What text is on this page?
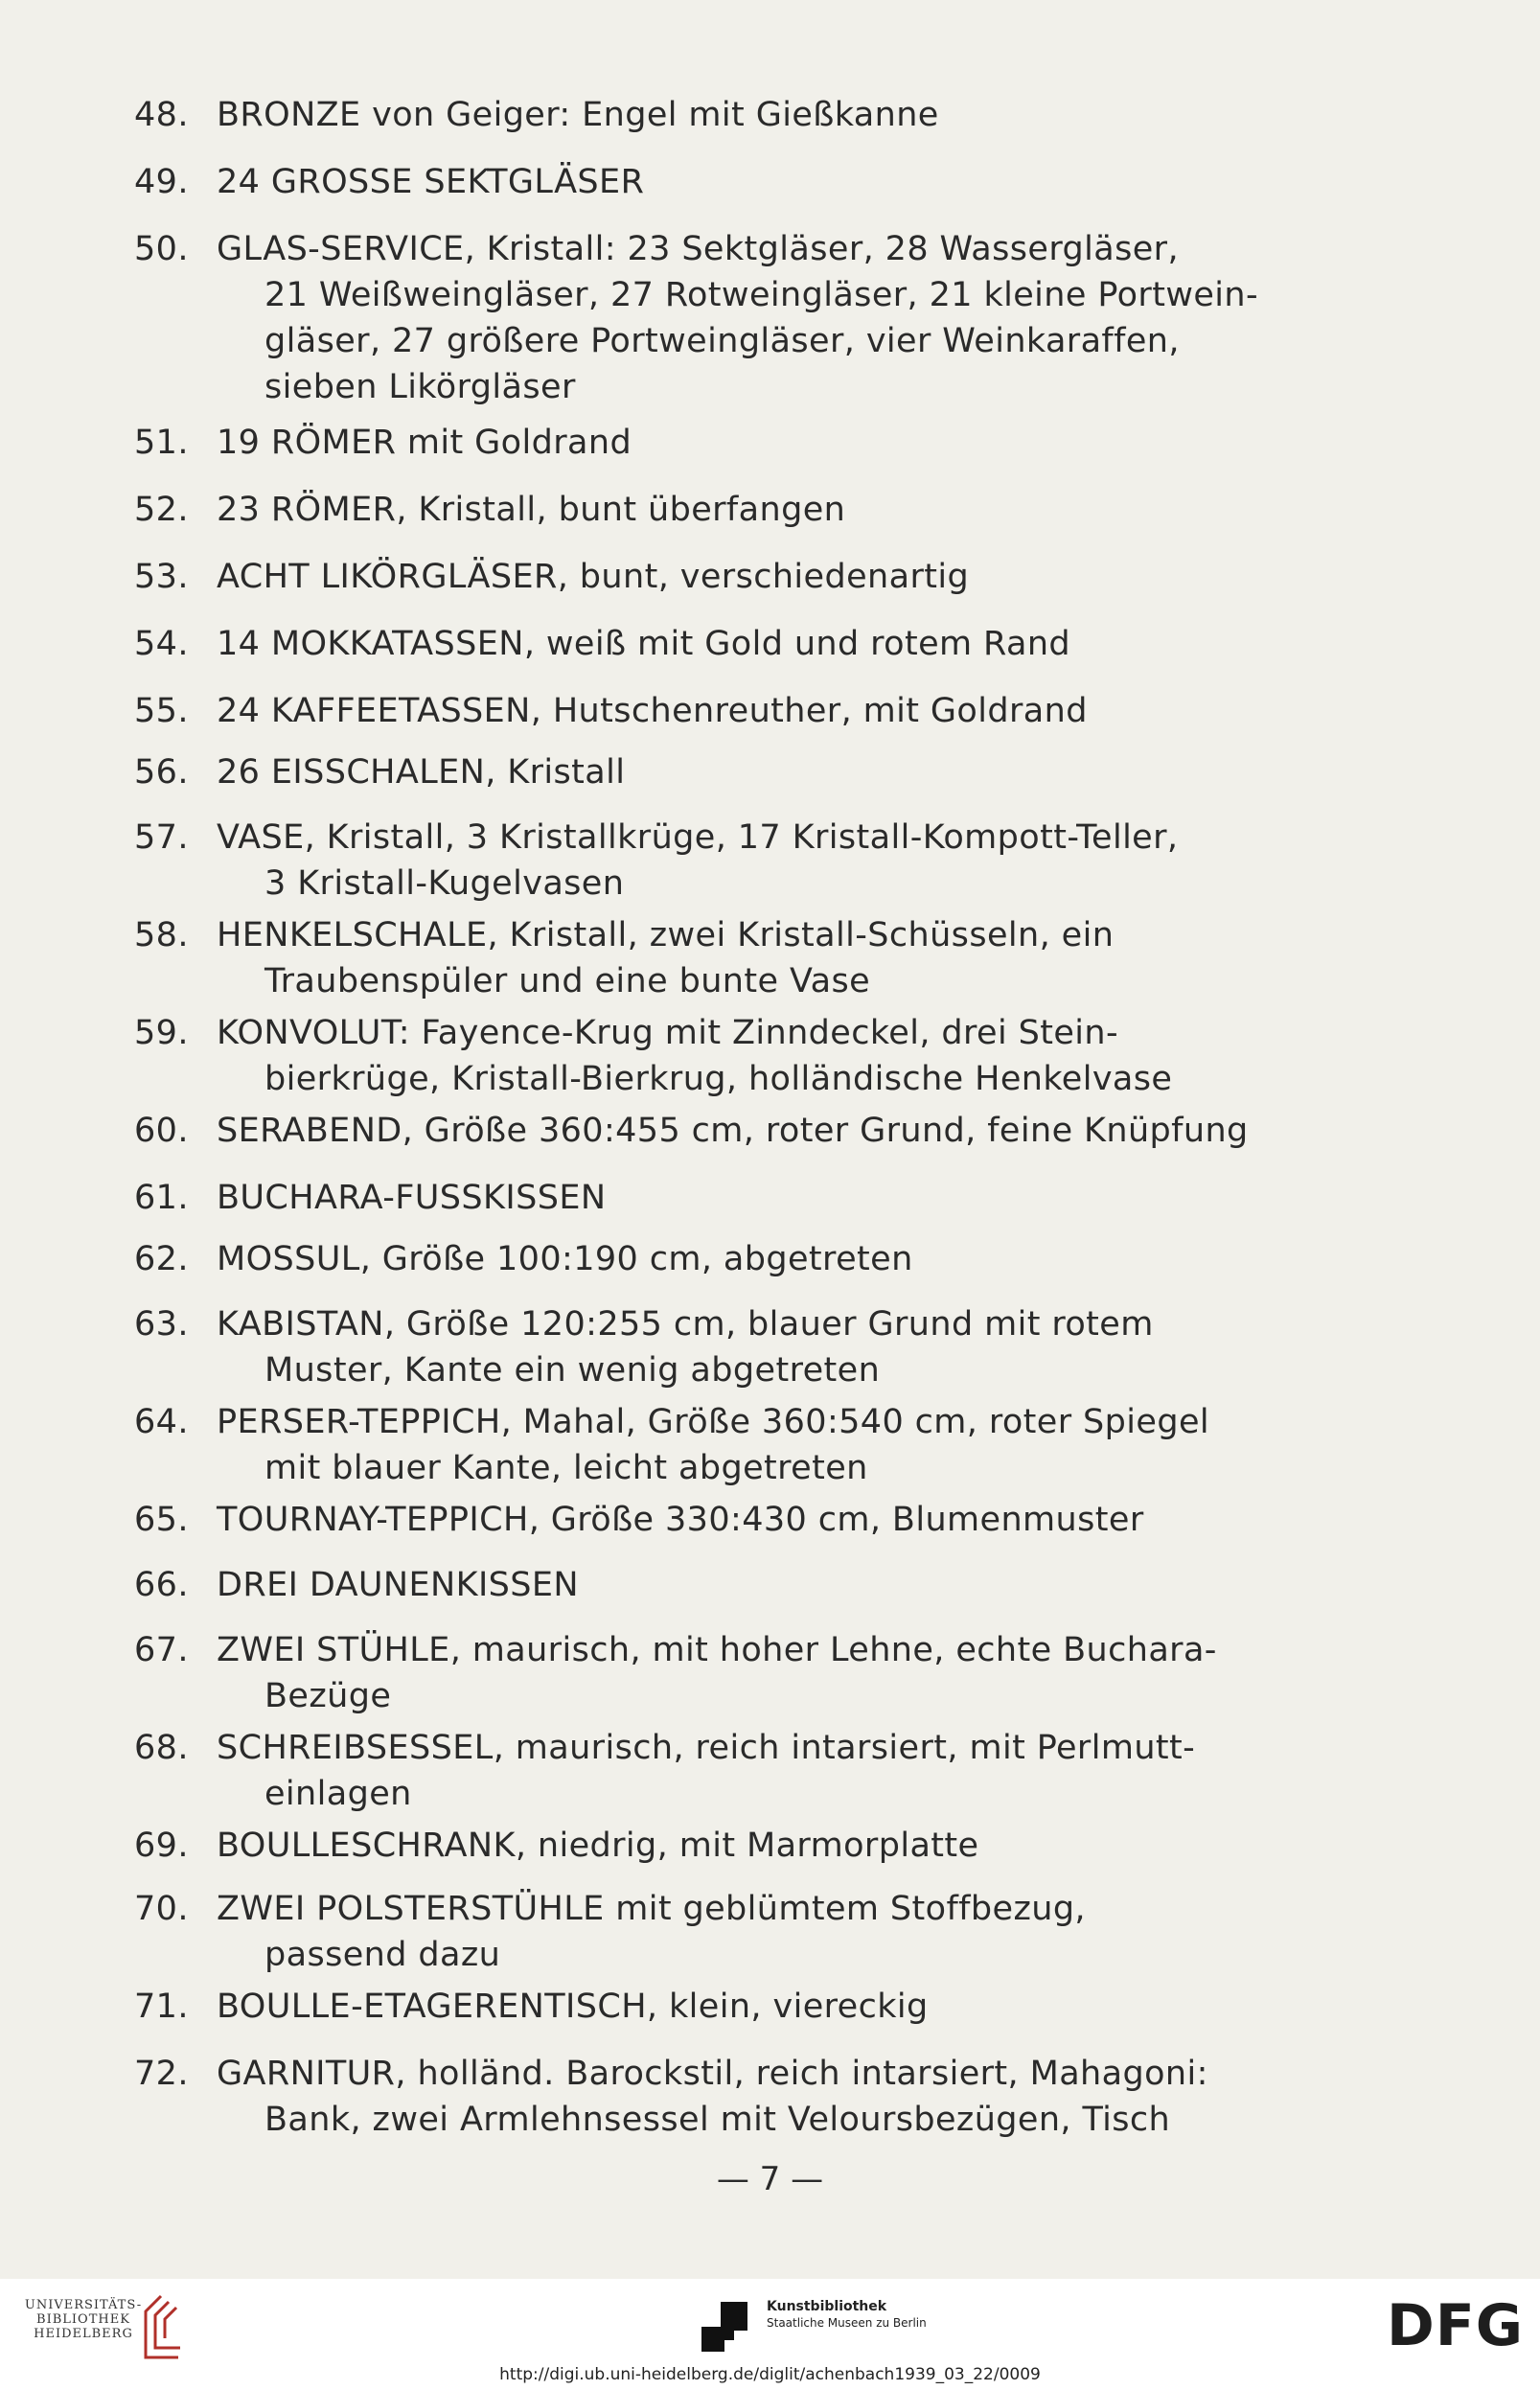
48. BRONZE von Geiger: Engel mit Gießkanne
49. 24 GROSSE SEKTGLÄSER
50. GLAS-SERVICE, Kristall: 23 Sektgläser, 28 Wassergläser,
21 Weißweingläser, 27 Rotweingläser, 21 kleine Portwein-
gläser, 27 größere Portweingläser, vier Weinkaraffen,
sieben Likörgläser
51. 19 RÖMER mit Goldrand
52. 23 RÖMER, Kristall, bunt überfangen
53. ACHT LIKÖRGLÄSER, bunt, verschiedenartig
54. 14 MOKKATASSEN, weiß mit Gold und rotem Rand
55. 24 KAFFEETASSEN, Hutschenreuther, mit Goldrand
56. 26 EISSCHALEN, Kristall
57. VASE, Kristall, 3 Kristallkrüge, 17 Kristall-Kompott-Teller,
3 Kristall-Kugelvasen
58. HENKELSCHALE, Kristall, zwei Kristall-Schüsseln, ein
Traubenspüler und eine bunte Vase
59. KONVOLUT: Fayence-Krug mit Zinndeckel, drei Stein-
bierkrüge, Kristall-Bierkrug, holländische Henkelvase
60. SERABEND, Größe 360:455 cm, roter Grund, feine Knüpfung
61. BUCHARA-FUSSKISSEN
62. MOSSUL, Größe 100:190 cm, abgetreten
63. KABISTAN, Größe 120:255 cm, blauer Grund mit rotem
Muster, Kante ein wenig abgetreten
64. PERSER-TEPPICH, Mahal, Größe 360:540 cm, roter Spiegel
mit blauer Kante, leicht abgetreten
65. TOURNAY-TEPPICH, Größe 330:430 cm, Blumenmuster
66. DREI DAUNENKISSEN
67. ZWEI STÜHLE, maurisch, mit hoher Lehne, echte Buchara-
Bezüge
68. SCHREIBSESSEL, maurisch, reich intarsiert, mit Perlmutt-
einlagen
69. BOULLESCHRANK, niedrig, mit Marmorplatte
70. ZWEI POLSTERSTÜHLE mit geblümtem Stoffbezug,
passend dazu
71. BOULLE-ETAGERENTISCH, klein, viereckig
72. GARNITUR, holländ. Barockstil, reich intarsiert, Mahagoni:
Bank, zwei Armlehnsessel mit Veloursbezügen, Tisch
— 7 —
UNIVERSITÄTS-
BIBLIOTHEK
HEIDELBERG
Kunstbibliothek
Staatliche Museen zu Berlin	DFG
http://digi.ub.uni-heidelberg.de/diglit/achenbach1939_03_22/0009
